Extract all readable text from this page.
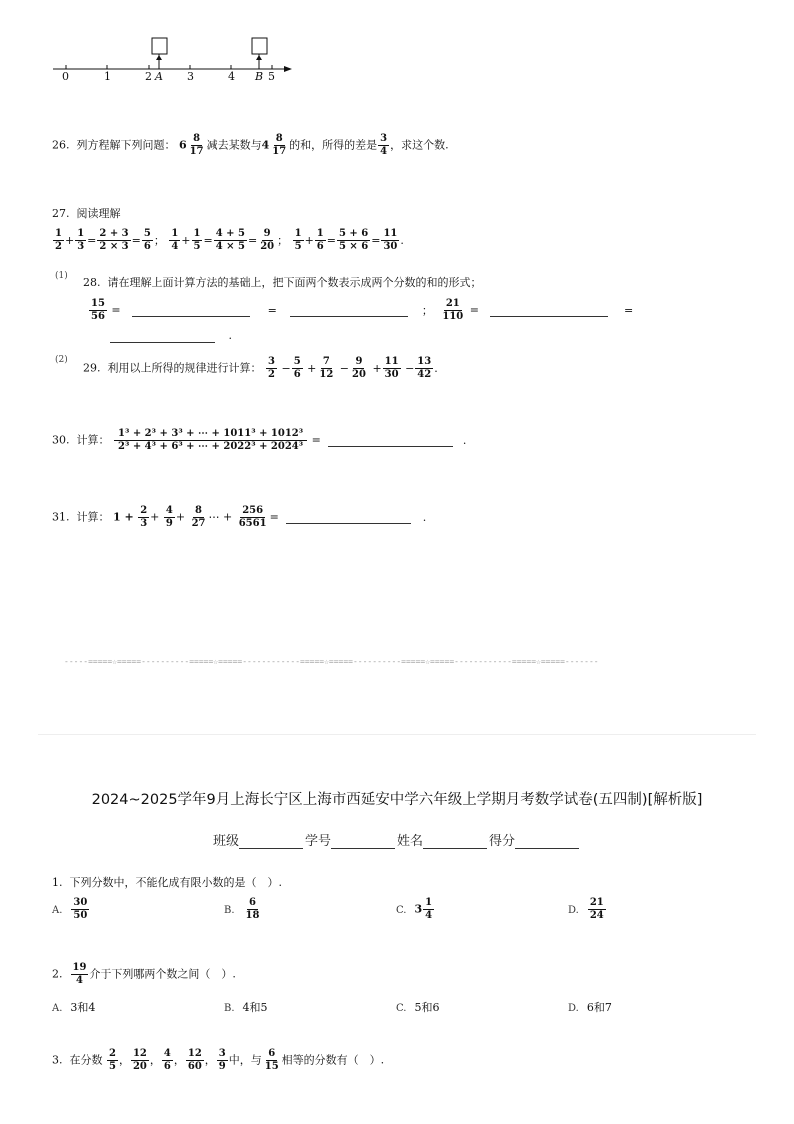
0	1	2 A 3	4 B 5
26. 列方程解下列问题： $6 \frac{8}{17}$ 减去某数与$4 \frac{8}{17}$ 的和，所得的差是 $\frac{3}{4}$ ，求这个数.
27. 阅读理解
$\frac{1}{2} + \frac{1}{3} = \frac{2 + 3}{2 \times 3} = \frac{5}{6}$ ； $\frac{1}{4} + \frac{1}{5} = \frac{4 + 5}{4 \times 5} = \frac{9}{20}$ ； $\frac{1}{5} + \frac{1}{6} = \frac{5 + 6}{5 \times 6} = \frac{11}{30}$ .
(1) 28. 请在理解上面计算方法的基础上，把下面两个数表示成两个分数的和的形式；
$\frac{15}{56}$ =	=	； $\frac{21}{110}$ =	=
.
(2)
29. 利用以上所得的规律进行计算： $\frac{3}{2} - \frac{5}{6} + \frac{7}{12} - \frac{9}{20} + \frac{11}{30} - \frac{13}{42}$ .
30. 计算： $\frac{\text{1³ + 2³ + 3³ + ⋯ + 1011³ + 1012³}}{\text{2³ + 4³ + 6³ + ⋯ + 2022³ + 2024³}}$ =	.
31. 计算： $1 + \frac{2}{3} + \frac{4}{9} + \frac{8}{27}$ ⋯ + $\frac{256}{6561}$ =	.
-----=====☆=====----------=====☆=====------------=====☆=====----------=====☆=====------------=====☆=====-------
2024~2025学年9月上海长宁区上海市西延安中学六年级上学期月考数学试卷(五四制)[解析版]
班级	学号	姓名	得分
1. 下列分数中，不能化成有限小数的是（　）.
A. $\frac{30}{50}$	B. $\frac{6}{18}$	C. $3 \frac{1}{4}$	D. $\frac{21}{24}$
2. $\frac{19}{4}$ 介于下列哪两个数之间（　）.
A. 3和4	B. 4和5	C. 5和6	D. 6和7
3. 在分数 $\frac{2}{5}$ ， $\frac{12}{20}$ ， $\frac{4}{6}$ ， $\frac{12}{60}$ ， $\frac{3}{9}$ 中，与 $\frac{6}{15}$ 相等的分数有（　）.
